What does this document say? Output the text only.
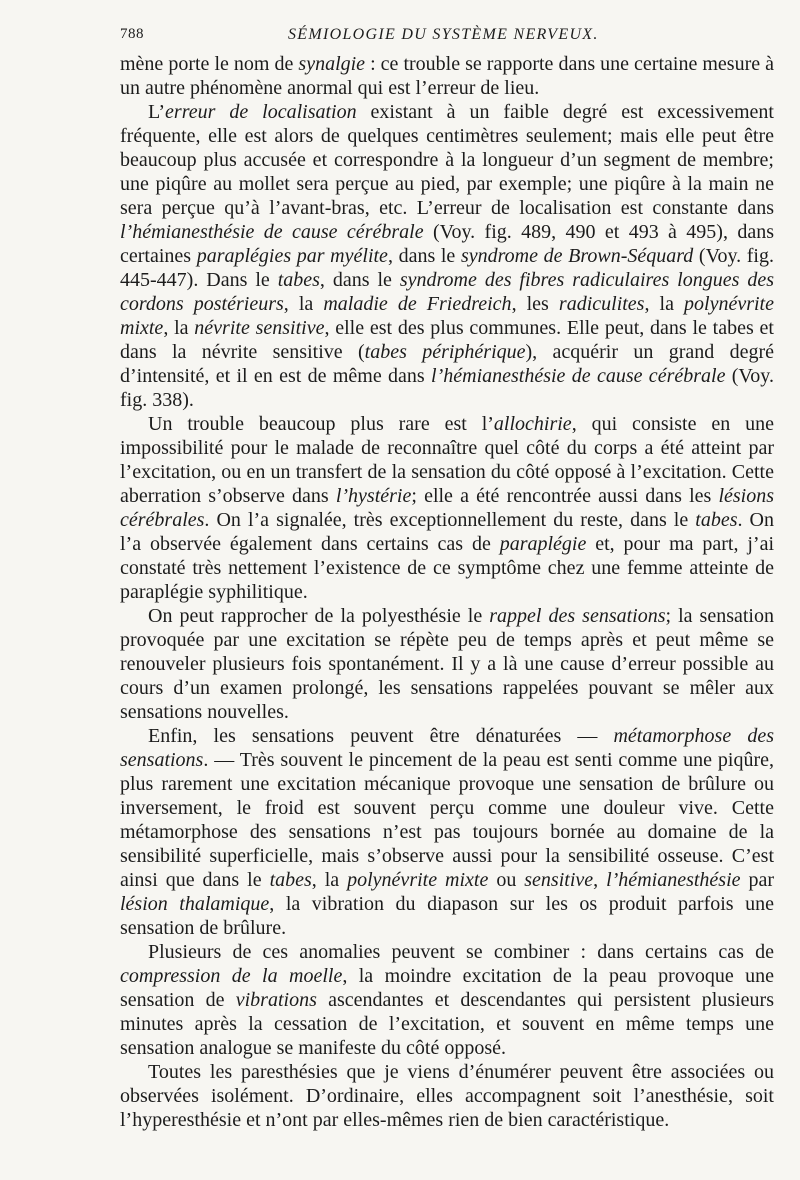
788	SÉMIOLOGIE DU SYSTÈME NERVEUX.

mène porte le nom de synalgie : ce trouble se rapporte dans une certaine mesure à un autre phénomène anormal qui est l’erreur de lieu.

L’erreur de localisation existant à un faible degré est excessivement fréquente, elle est alors de quelques centimètres seulement; mais elle peut être beaucoup plus accusée et correspondre à la longueur d’un segment de membre; une piqûre au mollet sera perçue au pied, par exemple; une piqûre à la main ne sera perçue qu’à l’avant-bras, etc. L’erreur de localisation est constante dans l’hémianesthésie de cause cérébrale (Voy. fig. 489, 490 et 493 à 495), dans certaines paraplégies par myélite, dans le syndrome de Brown-Séquard (Voy. fig. 445-447). Dans le tabes, dans le syndrome des fibres radiculaires longues des cordons postérieurs, la maladie de Friedreich, les radiculites, la polynévrite mixte, la névrite sensitive, elle est des plus communes. Elle peut, dans le tabes et dans la névrite sensitive (tabes périphérique), acquérir un grand degré d’intensité, et il en est de même dans l’hémianesthésie de cause cérébrale (Voy. fig. 338).

Un trouble beaucoup plus rare est l’allochirie, qui consiste en une impossibilité pour le malade de reconnaître quel côté du corps a été atteint par l’excitation, ou en un transfert de la sensation du côté opposé à l’excitation. Cette aberration s’observe dans l’hystérie; elle a été rencontrée aussi dans les lésions cérébrales. On l’a signalée, très exceptionnellement du reste, dans le tabes. On l’a observée également dans certains cas de paraplégie et, pour ma part, j’ai constaté très nettement l’existence de ce symptôme chez une femme atteinte de paraplégie syphilitique.

On peut rapprocher de la polyesthésie le rappel des sensations; la sensation provoquée par une excitation se répète peu de temps après et peut même se renouveler plusieurs fois spontanément. Il y a là une cause d’erreur possible au cours d’un examen prolongé, les sensations rappelées pouvant se mêler aux sensations nouvelles.

Enfin, les sensations peuvent être dénaturées — métamorphose des sensations. — Très souvent le pincement de la peau est senti comme une piqûre, plus rarement une excitation mécanique provoque une sensation de brûlure ou inversement, le froid est souvent perçu comme une douleur vive. Cette métamorphose des sensations n’est pas toujours bornée au domaine de la sensibilité superficielle, mais s’observe aussi pour la sensibilité osseuse. C’est ainsi que dans le tabes, la polynévrite mixte ou sensitive, l’hémianesthésie par lésion thalamique, la vibration du diapason sur les os produit parfois une sensation de brûlure.

Plusieurs de ces anomalies peuvent se combiner : dans certains cas de compression de la moelle, la moindre excitation de la peau provoque une sensation de vibrations ascendantes et descendantes qui persistent plusieurs minutes après la cessation de l’excitation, et souvent en même temps une sensation analogue se manifeste du côté opposé.

Toutes les paresthésies que je viens d’énumérer peuvent être associées ou observées isolément. D’ordinaire, elles accompagnent soit l’anesthésie, soit l’hyperesthésie et n’ont par elles-mêmes rien de bien caractéristique.
